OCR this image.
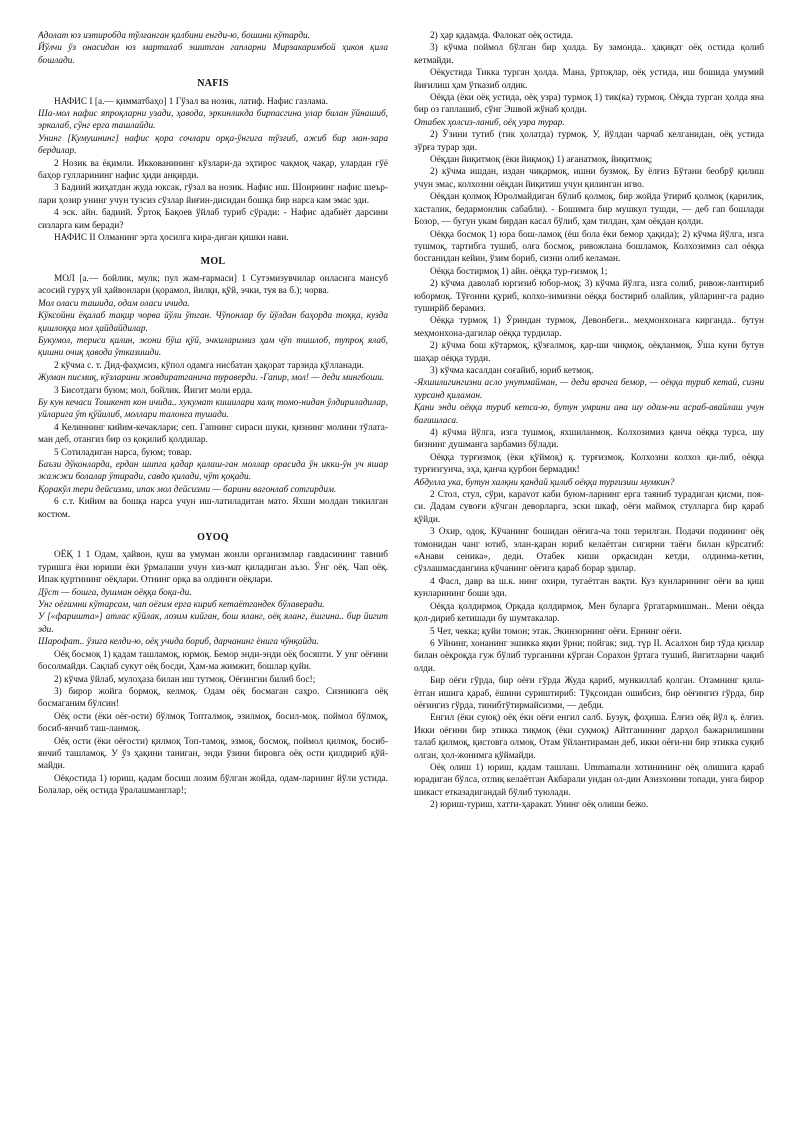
Адолат юз изтиробда тўлғанган қалбини енгди-ю, бошини кўтарди.

Йўлчи ўз онасидан юз марталаб эшитган гапларни Мирзакаримбой ҳикоя қила бошлади.

NAFIS

НАФИС I [а.— қимматбаҳо] 1 Гўзал ва нозик, латиф. Нафис газлама.

Ша-мол нафис япроқларни узади, ҳавода, эркинликда бирпасгина улар билан ўйнашиб, эркалаб, сўнг ерга ташлайди.

Унинг [Кумушнинг] нафис қора сочлари орқа-ўнгига тўзғиб, ажиб бир ман-зара бердилар.

2 Нозик ва ёқимли. Иккованининг кўзлари-да эҳтирос чақмоқ чақар, улардан гўё баҳор гулларининг нафис ҳиди анқирди.

3 Бадиий жиҳатдан жуда юксак, гўзал ва нозик. Нафис иш. Шоирнинг нафис шеър-лари ҳозир унинг учун тузсиз сўзлар йиғин-дисидан бошқа бир нарса кам эмас эди.

4 эск. айн. бадиий. Ўртоқ Бақоев ўйлаб туриб сўради: - Нафис адабиёт дарсини сизларга ким беради?

НАФИС II Олманинг эрта ҳосилга кира-диган қишки нави.

MOL

МОЛ [а.— бойлик, мулк; пул жам-ғармаси] 1 Сутэмизувчилар оиласига мансуб асосий гуруҳ уй ҳайвонлари (қорамол, йилқи, қўй, эчки, туя ва б.); чорва.

Мол оласи ташида, одам оласи ичида.

Кўксойни ёқалаб тақир чорва йўли ўтган. Чўпонлар бу йўлдан баҳорда тоққа, кузда қишлоққа мол ҳайдайдилар.

Букумол, териси қалин, жони бўш қўй, эчкиларимиз ҳам чўп тишлоб, тупроқ ялаб, қишни очиқ ҳавода ўтказишди.

2 кўчма с. т. Дид-фаҳмсиз, кўпол одамга нисбатан ҳақорат тарзида қўлланади.

Жуман писмиқ, кўзларини жавдиратганича тураверди. -Гапир, мол! — деди мингбоши.

3 Бисотдаги буюм; мол, бойлик. Йигит моли ерда.

Бу кун кечаси Тошкент кон ичида.. хукумат кишилари халқ томо-нидан ўлдириладилар, уйларига ўт қўйилиб, моллари талонга тушади.

4 Келиннинг кийим-кечаклари; сеп. Гапнинг сираси шуки, қизнинг молини тўлата-ман деб, отангиз бир оз қоқилиб қолдилар.

5 Сотиладиган нарса, буюм; товар.

Баъзи дўконларда, ердан шипга қадар қалаш-ган моллар орасида ўн икки-ўн уч яшар жажжи болалар ўтиради, савдо қилади, чўт қоқади.

Қоракўл тери дейсизми, ипак мол дейсизми — барини вагонлаб сотгирдим.

6 с.т. Кийим ва бошқа нарса учун иш-латиладитан мато. Яхши молдан тикилган костюм.

OYOQ

ОЁҚ 1 1 Одам, ҳайвон, қуш ва умуман жонли организмлар гавдасининг тавниб туришга ёки юриши ёки ўрмалаши учун хиз-мат қиладиган аъзо. Ўнг оёқ. Чап оёқ. Ипак қуртининг оёқлари. Отнинг орқа ва олдинги оёқлари.

Дўст — бошга, душман оёққа боқа-ди.

Унг оёғимни кўтарсам, чап оёғим ерга кириб кетаётгандек бўлаверади.

У [«фаришта»] атлас кўйлак, лозим кийган, бош яланг, оёқ яланг, ёшгина.. бир йигит эди.

Шарофат.. ўзига келди-ю, оёқ учида бориб, дарчанинг ёнига чўнқайди.

Оёқ босмоқ 1) қадам ташламоқ, юрмоқ. Бемор энди-энди оёқ босяпти. У унг оёғини босолмайди. Сақлаб сукут оёқ босди, Ҳам-ма жимжит, бошлар қуйи.

2) кўчма ўйлаб, мулоҳаза билан иш тутмоқ. Оёғингни билиб бос!;

3) бирор жойга бормоқ, келмоқ. Одам оёқ босмаган саҳро. Сизникига оёқ босмаганим бўлсин!

Оёқ ости (ёки оёғ-ости) бўлмоқ Топталмоқ, эзилмоқ, босил-моқ. поймол бўлмоқ, босиб-янчиб таш-ланмоқ.

Оёқ ости (ёки оёғости) қилмоқ Топ-тамоқ, эзмоқ, босмоқ, поймол қилмоқ, босиб-янчиб ташламоқ. У ўз ҳақини таниган, энди ўзини бировга оёқ ости қилдириб қўй-майди.

Оёқостида 1) юриш, қадам босиш лозим бўлган жойда, одам-ларнинг йўли устида. Болалар, оёқ остида ўралашманглар!;

2) ҳар қадамда. Фалокат оёқ остида.

3) кўчма поймол бўлган бир ҳолда. Бу замонда.. ҳақиқат оёқ остида қолиб кетмайди.

Оёқустида Тикка турган ҳолда. Мана, ўртоқлар, оёқ устида, иш бошида умумий йиғилиш ҳам ўтказиб олдик.

Оёқда (ёки оёқ устида, оёқ узра) турмоқ 1) тик(ка) турмоқ. Оёқда турган ҳолда яна бир оз гаплашиб, сўнг Эшвой жўнаб қолди.

Отабек ҳолсиз-ланиб, оёқ узра турар.

2) Ўзини тутиб (тик ҳолатда) турмоқ. У, йўлдан чарчаб келганидан, оёқ устида зўрға турар эди.

Оёқдан йиқитмоқ (ёки йиқмоқ) 1) ағанатмоқ, йиқитмоқ;

2) кўчма ишдан, издан чиқармоқ, ишни бузмоқ. Бу ёлғиз Бўтани беобрў қилиш учун эмас, колхозни оёқдан йиқитиш учун қилинган игво.

Оёқдан қолмоқ Юролмайдиган бўлиб қолмоқ, бир жойда ўтириб қолмоқ (қарилик, хасталик, бедармонлик сабабли). - Бошимга бир мушкул тушди, — деб гап бошлади Бозор, — бугун укам бирдан касал бўлиб, ҳам тилдан, ҳам оёқдан қолди.

Оёққа босмоқ 1) юра бош-ламоқ (ёш бола ёки бемор ҳақида); 2) кўчма йўлга, изга тушмоқ, тартибга тушиб, олға босмоқ, ривожлана бошламоқ. Колхозимиз сал оёққа босганидан кейин, ўзим бориб, сизни олиб келаман.

Оёққа бостирмоқ 1) айн. оёққа тур-ғизмоқ 1;

2) кўчма даволаб юргизиб юбор-моқ; 3) кўчма йўлга, изга солиб, ривож-лантириб юбормоқ. Тўғонни қуриб, колхо-зимизни оёққа бостириб олайлик, уйларинг-га радио туширйб берамиз.

Оёққа турмоқ 1) Ўриндан турмоқ. Девонбеги.. меҳмонхонага кирганда.. бутун меҳмонхона-дагилар оёққа турдилар.

2) кўчма бош кўтармоқ, қўзғалмоқ, қар-ши чиқмоқ, оёқланмоқ. Ўша куни бутун шаҳар оёққа турди.

3) кўчма касалдан соғайиб, юриб кетмоқ.

-Яхшилигингизни асло унутмайман, — деди врачга бемор, — оёққа туриб кетай, сизни хурсанд қиламан.

Қани энди оёққа туриб кетса-ю, бутун умрини ана шу одам-ни асраб-авайлаш учун бағишласа.

4) кўчма йўлга, изга тушмоқ, яхшиланмоқ. Колхозимиз қанча оёққа турса, шу бизнинг душманга зарбамиз бўлади.

Оёққа турғизмоқ (ёки қўймоқ) қ. турғизмоқ. Колхозни колхоз қи-либ, оёққа турғизгунча, эҳа, қанча қурбон бермадик!

Абдулла ука, бутун халқни қандай қилиб оёққа турғизиш мумкин?

2 Стол, стул, сўри, караvот каби буюм-ларнинг ерга таяниб турадиган қисми, поя-си. Дадам сувоғи кўчган деворларга, эски шкаф, оёғи маймоқ стулларга бир қараб қўйди.

3 Охир, одоқ. Кўчанинг бошидан оёғига-ча тош терилган. Подачи подининг оёқ томонидан чанг ютиб, элан-қаран юриб келаётган сигирни таёғи билан кўрсатиб: «Анави сеника», деди. Отабек киши орқасидан кетди, олдинма-кетин, сўзлашмасдангина кўчанинг оёғига қараб борар эдилар.

4 Фасл, давр ва ш.к. нинг охири, тугаётган вақти. Куз кунларининг оёғи ва қиш кунларининг боши эди.

Оёқда қолдирмоқ Орқада қолдирмоқ. Мен буларга ўргатармишман.. Мени оёқда қол-дириб кетишади бу шумтакалар.

5 Чет, чекка; қуйи томон; этак. Экинзорнинг оёғи. Ернинг оёғи.

6 Уйнинг, хонанинг эшикка яқин ўрни; пойгак; зид. түр II. Асалхон бир тўда қизлар билан оёқроқда гуж бўлиб турганини кўрган Сорахон ўртага тушиб, йигитларни чақиб олди.

Бир оёғи гўрда, бир оёғи гўрда Жуда қариб, мункиллаб қолган. Отамнинг қила-ётган ишига қараб, ёшини суриштириб: Тўқсондан ошибсиз, бир оёғингиз гўрда, бир оёғингиз гўрда, тинибтўтирмайсизми, — дебди.

Енгил (ёки суюқ) оёқ ёки оёғи енгил салб. Бузуқ, фоҳиша. Ёлғиз оёқ йўл қ. ёлғиз. Икки оёғини бир этикка тиқмоқ (ёки суқмоқ) Айтганининг дарҳол бажарилишини талаб қилмоқ, қистовга олмоқ. Отам ўйлантирaман деб, икки оёғи-ни бир этикка суқиб олган, ҳол-жонимга қўймайди.

Оёқ олиш 1) юриш, қадам ташлаш. Ummamали хотинининг оёқ олишига қараб юрадиган бўлса, отлиқ келаётган Акбарали ундан ол-дин Азизхонни топади, унга бирор шикаст етказадигандай бўлиб туюлади.

2) юриш-туриш, хатти-ҳаракат. Унинг оёқ олиши бежо.
